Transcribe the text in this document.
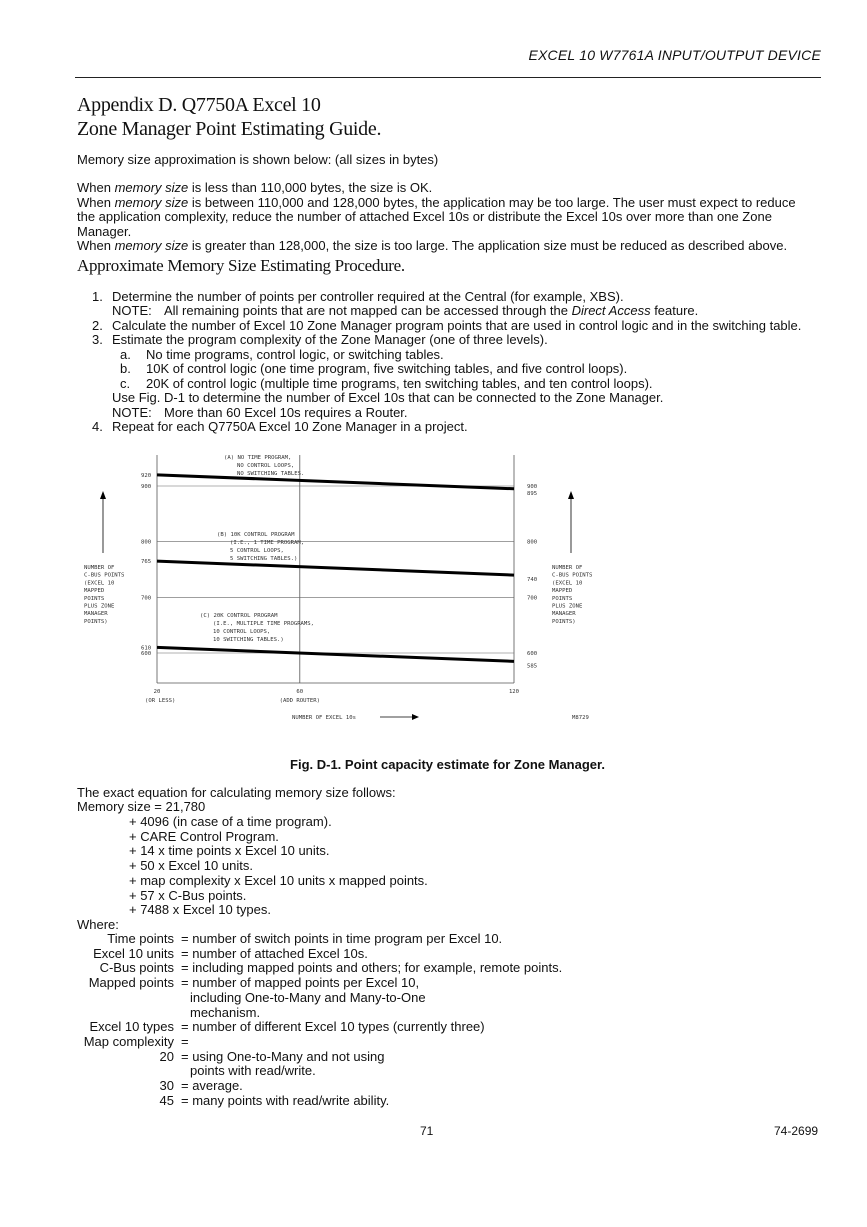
EXCEL 10 W7761A INPUT/OUTPUT DEVICE
Appendix D. Q7750A Excel 10
Zone Manager Point Estimating Guide.
Memory size approximation is shown below: (all sizes in bytes)
When memory size is less than 110,000 bytes, the size is OK.
When memory size is between 110,000 and 128,000 bytes, the application may be too large. The user must expect to reduce
the application complexity, reduce the number of attached Excel 10s or distribute the Excel 10s over more than one Zone
Manager.
When memory size is greater than 128,000, the size is too large. The application size must be reduced as described above.
Approximate Memory Size Estimating Procedure.
1. Determine the number of points per controller required at the Central (for example, XBS).
NOTE: All remaining points that are not mapped can be accessed through the Direct Access feature.
2. Calculate the number of Excel 10 Zone Manager program points that are used in control logic and in the switching table.
3. Estimate the program complexity of the Zone Manager (one of three levels).
a. No time programs, control logic, or switching tables.
b. 10K of control logic (one time program, five switching tables, and five control loops).
c. 20K of control logic (multiple time programs, ten switching tables, and ten control loops).
Use Fig. D-1 to determine the number of Excel 10s that can be connected to the Zone Manager.
NOTE: More than 60 Excel 10s requires a Router.
4. Repeat for each Q7750A Excel 10 Zone Manager in a project.
900	900
800	800
700	700
600	600
920
895
765
740
610
585
20	60	120
(OR LESS)	(ADD ROUTER)
NUMBER OF EXCEL 10s	M8729
NUMBER OF
C-BUS POINTS
(EXCEL 10
MAPPED
POINTS
PLUS ZONE
MANAGER
POINTS)
NUMBER OF
C-BUS POINTS
(EXCEL 10
MAPPED
POINTS
PLUS ZONE
MANAGER
POINTS)
(A) NO TIME PROGRAM,
NO CONTROL LOOPS,
NO SWITCHING TABLES.
(B) 10K CONTROL PROGRAM
(I.E., 1 TIME PROGRAM,
5 CONTROL LOOPS,
5 SWITCHING TABLES.)
(C) 20K CONTROL PROGRAM
(I.E., MULTIPLE TIME PROGRAMS,
10 CONTROL LOOPS,
10 SWITCHING TABLES.)
Fig. D-1. Point capacity estimate for Zone Manager.
The exact equation for calculating memory size follows:
Memory size = 21,780
+ 4096 (in case of a time program).
+ CARE Control Program.
+ 14 x time points x Excel 10 units.
+ 50 x Excel 10 units.
+ map complexity x Excel 10 units x mapped points.
+ 57 x C-Bus points.
+ 7488 x Excel 10 types.
Where:
Time points = number of switch points in time program per Excel 10.
Excel 10 units = number of attached Excel 10s.
C-Bus points = including mapped points and others; for example, remote points.
Mapped points = number of mapped points per Excel 10,
including One-to-Many and Many-to-One
mechanism.
Excel 10 types = number of different Excel 10 types (currently three)
Map complexity =
20 = using One-to-Many and not using
points with read/write.
30 = average.
45 = many points with read/write ability.
71	74-2699
